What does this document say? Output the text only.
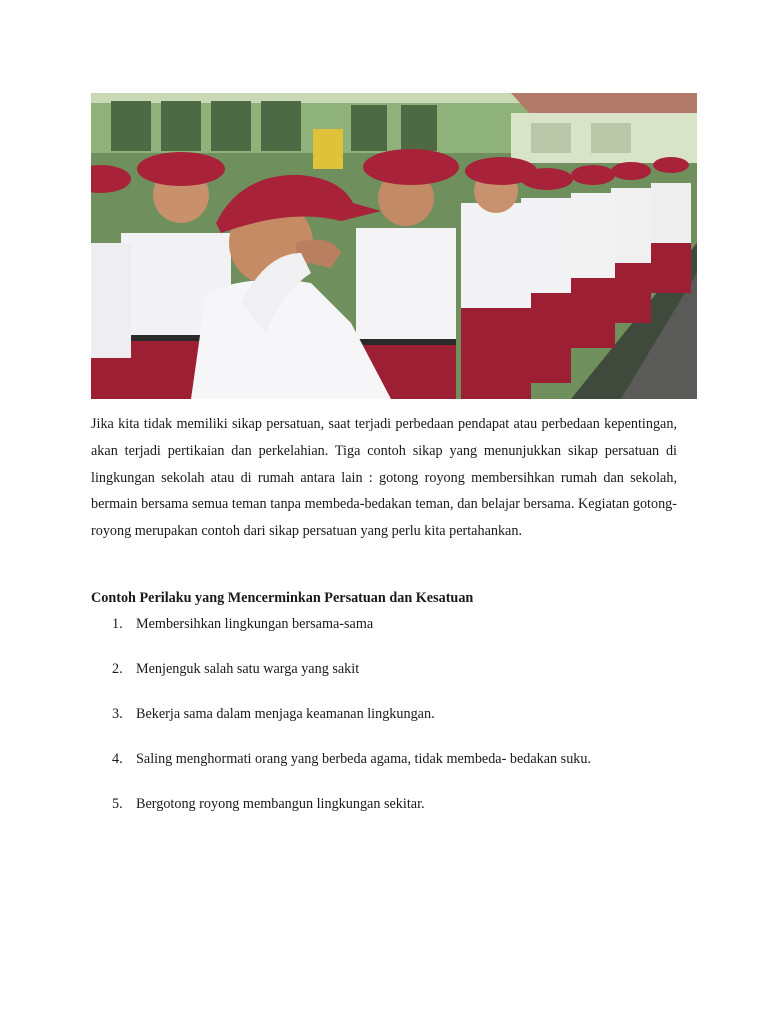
Jika kita tidak memiliki sikap persatuan, saat terjadi perbedaan pendapat atau perbedaan kepentingan, akan terjadi pertikaian dan perkelahian. Tiga contoh sikap yang menunjukkan sikap persatuan di lingkungan sekolah atau di rumah antara lain : gotong royong membersihkan rumah dan sekolah, bermain bersama semua teman tanpa membeda-bedakan teman, dan belajar bersama. Kegiatan gotong-royong merupakan contoh dari sikap persatuan yang perlu kita pertahankan.

Contoh Perilaku yang Mencerminkan Persatuan dan Kesatuan

1. Membersihkan lingkungan bersama-sama
2. Menjenguk salah satu warga yang sakit
3. Bekerja sama dalam menjaga keamanan lingkungan.
4. Saling menghormati orang yang berbeda agama, tidak membeda- bedakan suku.
5. Bergotong royong membangun lingkungan sekitar.
